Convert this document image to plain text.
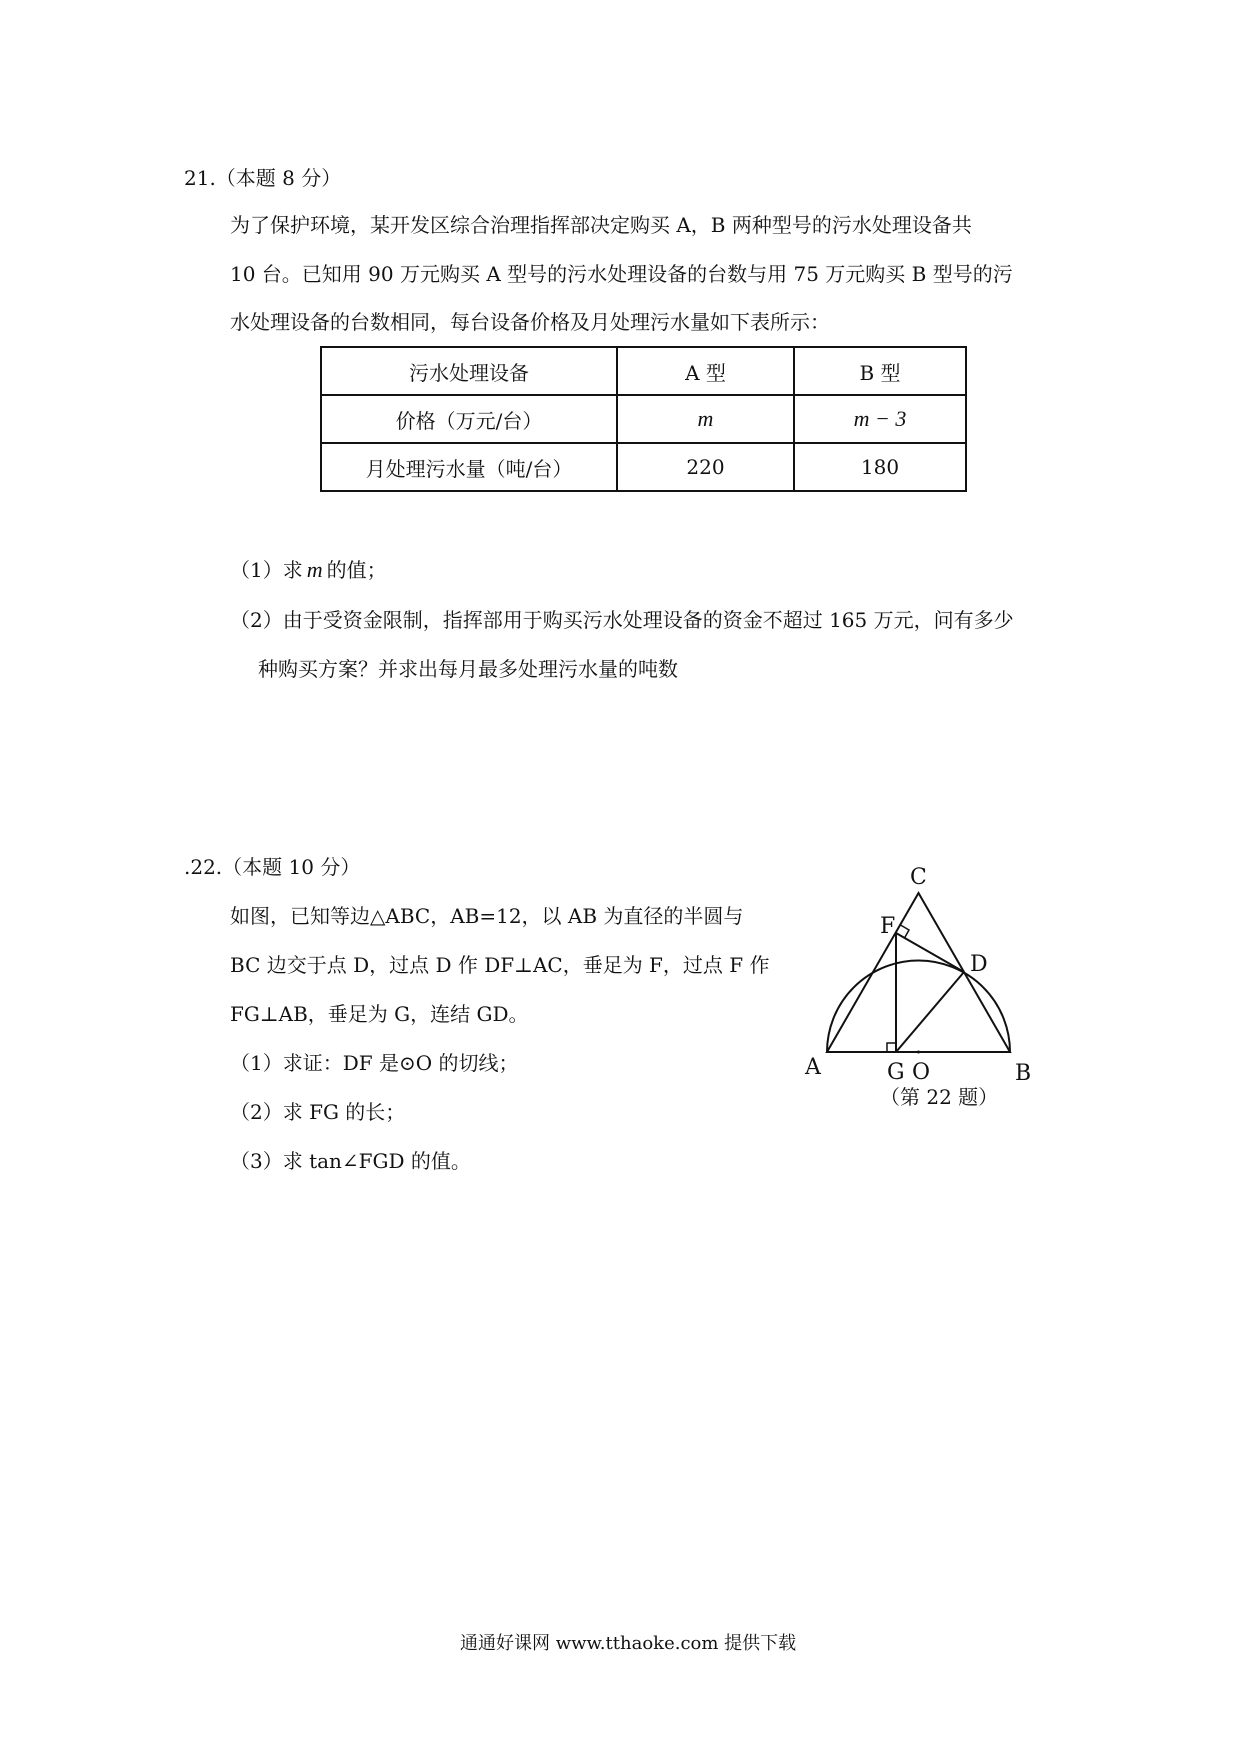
21.（本题 8 分）
为了保护环境，某开发区综合治理指挥部决定购买 A，B 两种型号的污水处理设备共
10 台。已知用 90 万元购买 A 型号的污水处理设备的台数与用 75 万元购买 B 型号的污
水处理设备的台数相同，每台设备价格及月处理污水量如下表所示：
污水处理设备	A 型	B 型
价格（万元/台）	m	m − 3
月处理污水量（吨/台）	220	180
（1）求 m 的值；
（2）由于受资金限制，指挥部用于购买污水处理设备的资金不超过 165 万元，问有多少
种购买方案？并求出每月最多处理污水量的吨数
.22.（本题 10 分）
如图，已知等边△ABC，AB=12，以 AB 为直径的半圆与
BC 边交于点 D，过点 D 作 DF⊥AC，垂足为 F，过点 F 作
FG⊥AB，垂足为 G，连结 GD。
（1）求证：DF 是⊙O 的切线；
（2）求 FG 的长；
（3）求 tan∠FGD 的值。
A	B
C
D
F
G O
（第 22 题）
通通好课网 www.tthaoke.com 提供下载
